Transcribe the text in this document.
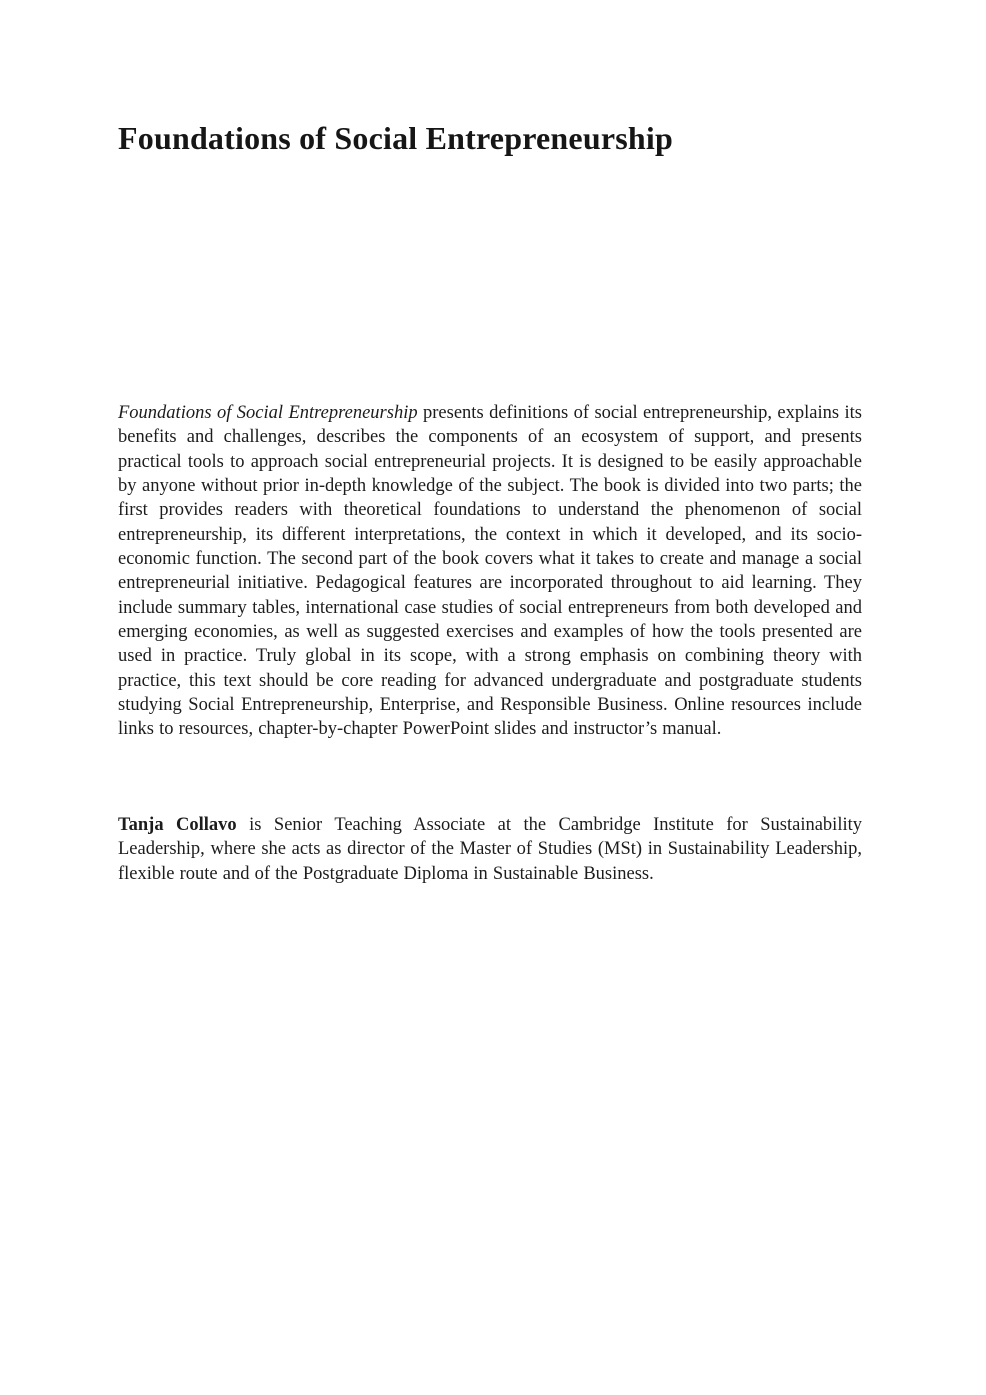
Foundations of Social Entrepreneurship

Foundations of Social Entrepreneurship presents definitions of social entrepreneurship, explains its benefits and challenges, describes the components of an ecosystem of support, and presents practical tools to approach social entrepreneurial projects. It is designed to be easily approachable by anyone without prior in-depth knowledge of the subject. The book is divided into two parts; the first provides readers with theoretical foundations to understand the phenomenon of social entrepreneurship, its different interpretations, the context in which it developed, and its socio-economic function. The second part of the book covers what it takes to create and manage a social entrepreneurial initiative. Pedagogical features are incorporated throughout to aid learning. They include summary tables, international case studies of social entrepreneurs from both developed and emerging economies, as well as suggested exercises and examples of how the tools presented are used in practice. Truly global in its scope, with a strong emphasis on combining theory with practice, this text should be core reading for advanced undergraduate and postgraduate students studying Social Entrepreneurship, Enterprise, and Responsible Business. Online resources include links to resources, chapter-by-chapter PowerPoint slides and instructor’s manual.

Tanja Collavo is Senior Teaching Associate at the Cambridge Institute for Sustainability Leadership, where she acts as director of the Master of Studies (MSt) in Sustainability Leadership, flexible route and of the Postgraduate Diploma in Sustainable Business.
